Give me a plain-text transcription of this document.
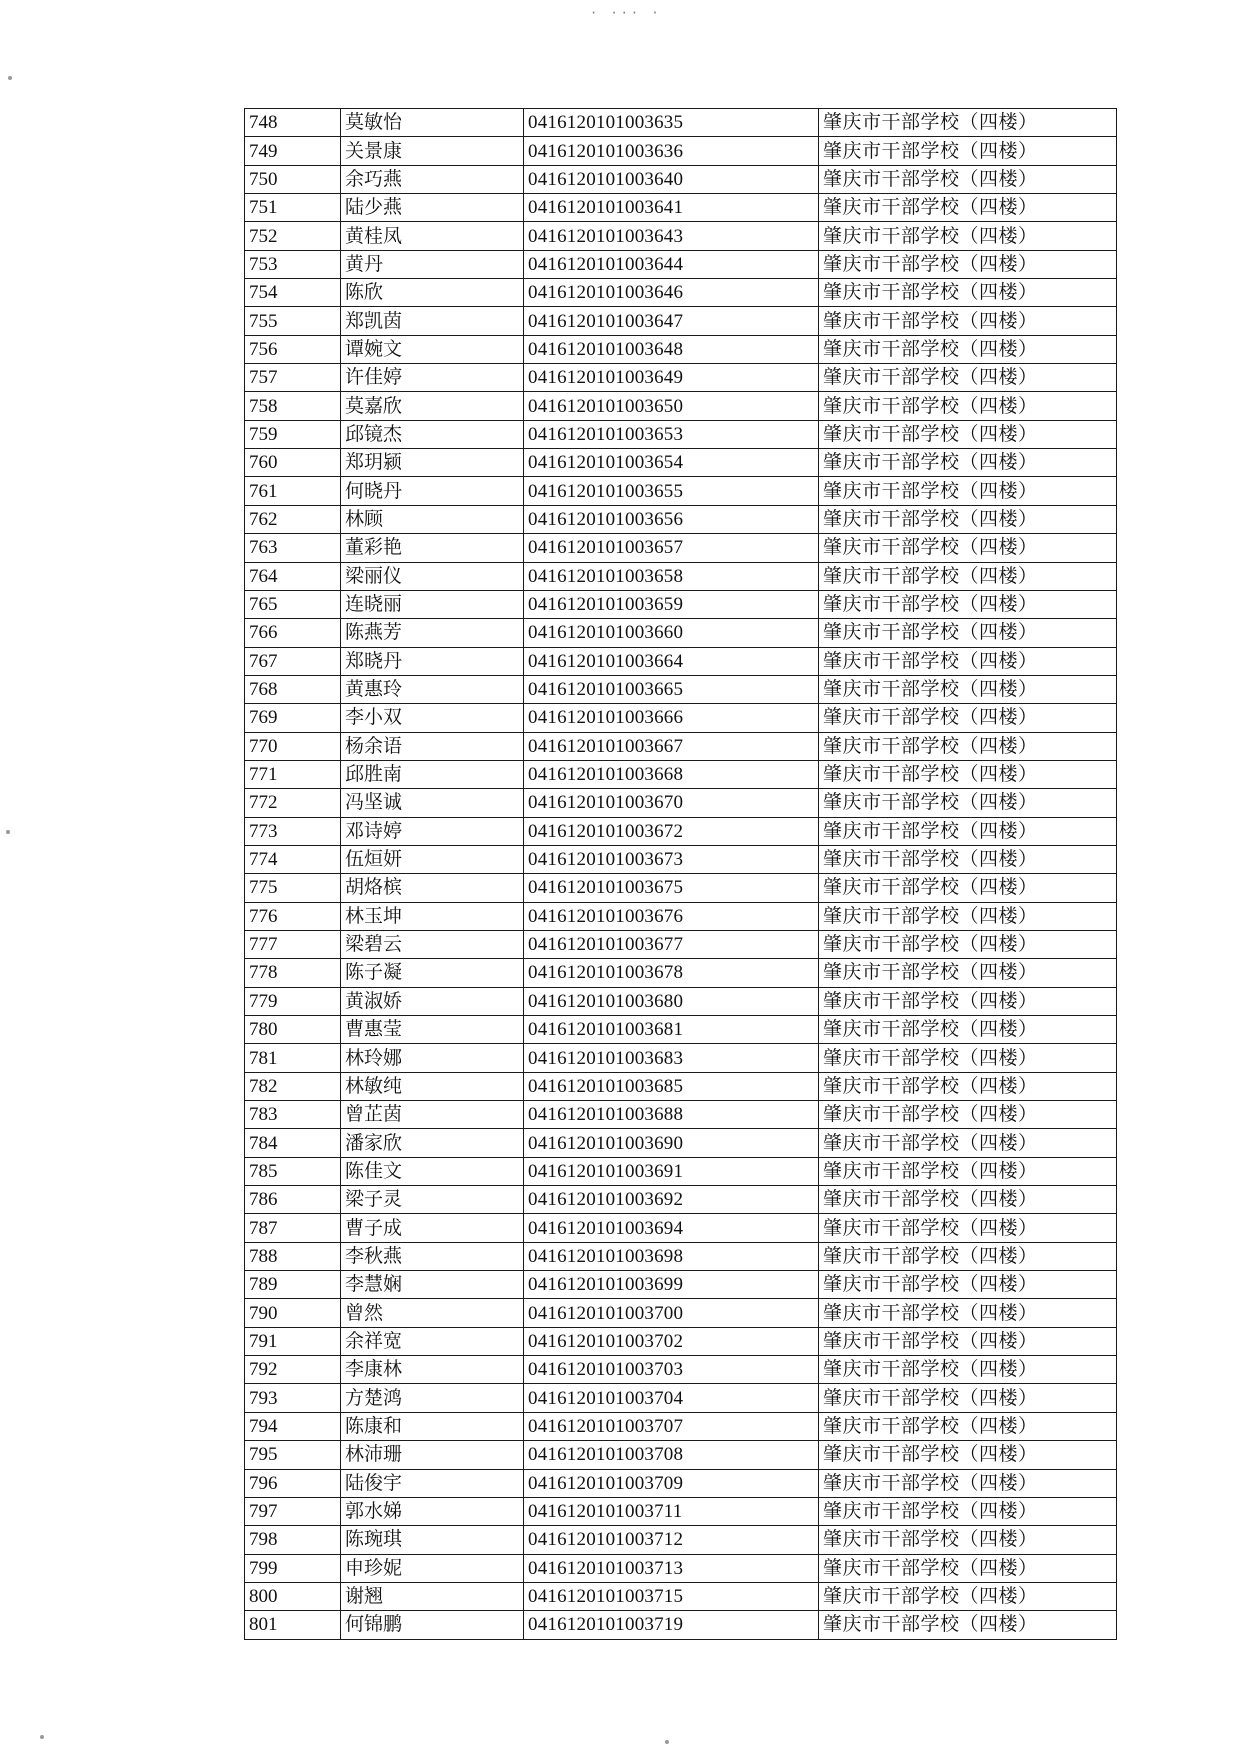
· ··· ·
748	莫敏怡	0416120101003635	肇庆市干部学校（四楼）
749	关景康	0416120101003636	肇庆市干部学校（四楼）
750	余巧燕	0416120101003640	肇庆市干部学校（四楼）
751	陆少燕	0416120101003641	肇庆市干部学校（四楼）
752	黄桂凤	0416120101003643	肇庆市干部学校（四楼）
753	黄丹	0416120101003644	肇庆市干部学校（四楼）
754	陈欣	0416120101003646	肇庆市干部学校（四楼）
755	郑凯茵	0416120101003647	肇庆市干部学校（四楼）
756	谭婉文	0416120101003648	肇庆市干部学校（四楼）
757	许佳婷	0416120101003649	肇庆市干部学校（四楼）
758	莫嘉欣	0416120101003650	肇庆市干部学校（四楼）
759	邱镜杰	0416120101003653	肇庆市干部学校（四楼）
760	郑玥颍	0416120101003654	肇庆市干部学校（四楼）
761	何晓丹	0416120101003655	肇庆市干部学校（四楼）
762	林顾	0416120101003656	肇庆市干部学校（四楼）
763	董彩艳	0416120101003657	肇庆市干部学校（四楼）
764	梁丽仪	0416120101003658	肇庆市干部学校（四楼）
765	连晓丽	0416120101003659	肇庆市干部学校（四楼）
766	陈燕芳	0416120101003660	肇庆市干部学校（四楼）
767	郑晓丹	0416120101003664	肇庆市干部学校（四楼）
768	黄惠玲	0416120101003665	肇庆市干部学校（四楼）
769	李小双	0416120101003666	肇庆市干部学校（四楼）
770	杨余语	0416120101003667	肇庆市干部学校（四楼）
771	邱胜南	0416120101003668	肇庆市干部学校（四楼）
772	冯坚诚	0416120101003670	肇庆市干部学校（四楼）
773	邓诗婷	0416120101003672	肇庆市干部学校（四楼）
774	伍烜妍	0416120101003673	肇庆市干部学校（四楼）
775	胡烙槟	0416120101003675	肇庆市干部学校（四楼）
776	林玉坤	0416120101003676	肇庆市干部学校（四楼）
777	梁碧云	0416120101003677	肇庆市干部学校（四楼）
778	陈子凝	0416120101003678	肇庆市干部学校（四楼）
779	黄淑娇	0416120101003680	肇庆市干部学校（四楼）
780	曹惠莹	0416120101003681	肇庆市干部学校（四楼）
781	林玲娜	0416120101003683	肇庆市干部学校（四楼）
782	林敏纯	0416120101003685	肇庆市干部学校（四楼）
783	曾芷茵	0416120101003688	肇庆市干部学校（四楼）
784	潘家欣	0416120101003690	肇庆市干部学校（四楼）
785	陈佳文	0416120101003691	肇庆市干部学校（四楼）
786	梁子灵	0416120101003692	肇庆市干部学校（四楼）
787	曹子成	0416120101003694	肇庆市干部学校（四楼）
788	李秋燕	0416120101003698	肇庆市干部学校（四楼）
789	李慧娴	0416120101003699	肇庆市干部学校（四楼）
790	曾然	0416120101003700	肇庆市干部学校（四楼）
791	余祥宽	0416120101003702	肇庆市干部学校（四楼）
792	李康林	0416120101003703	肇庆市干部学校（四楼）
793	方楚鸿	0416120101003704	肇庆市干部学校（四楼）
794	陈康和	0416120101003707	肇庆市干部学校（四楼）
795	林沛珊	0416120101003708	肇庆市干部学校（四楼）
796	陆俊宇	0416120101003709	肇庆市干部学校（四楼）
797	郭水娣	0416120101003711	肇庆市干部学校（四楼）
798	陈琬琪	0416120101003712	肇庆市干部学校（四楼）
799	申珍妮	0416120101003713	肇庆市干部学校（四楼）
800	谢翘	0416120101003715	肇庆市干部学校（四楼）
801	何锦鹏	0416120101003719	肇庆市干部学校（四楼）
